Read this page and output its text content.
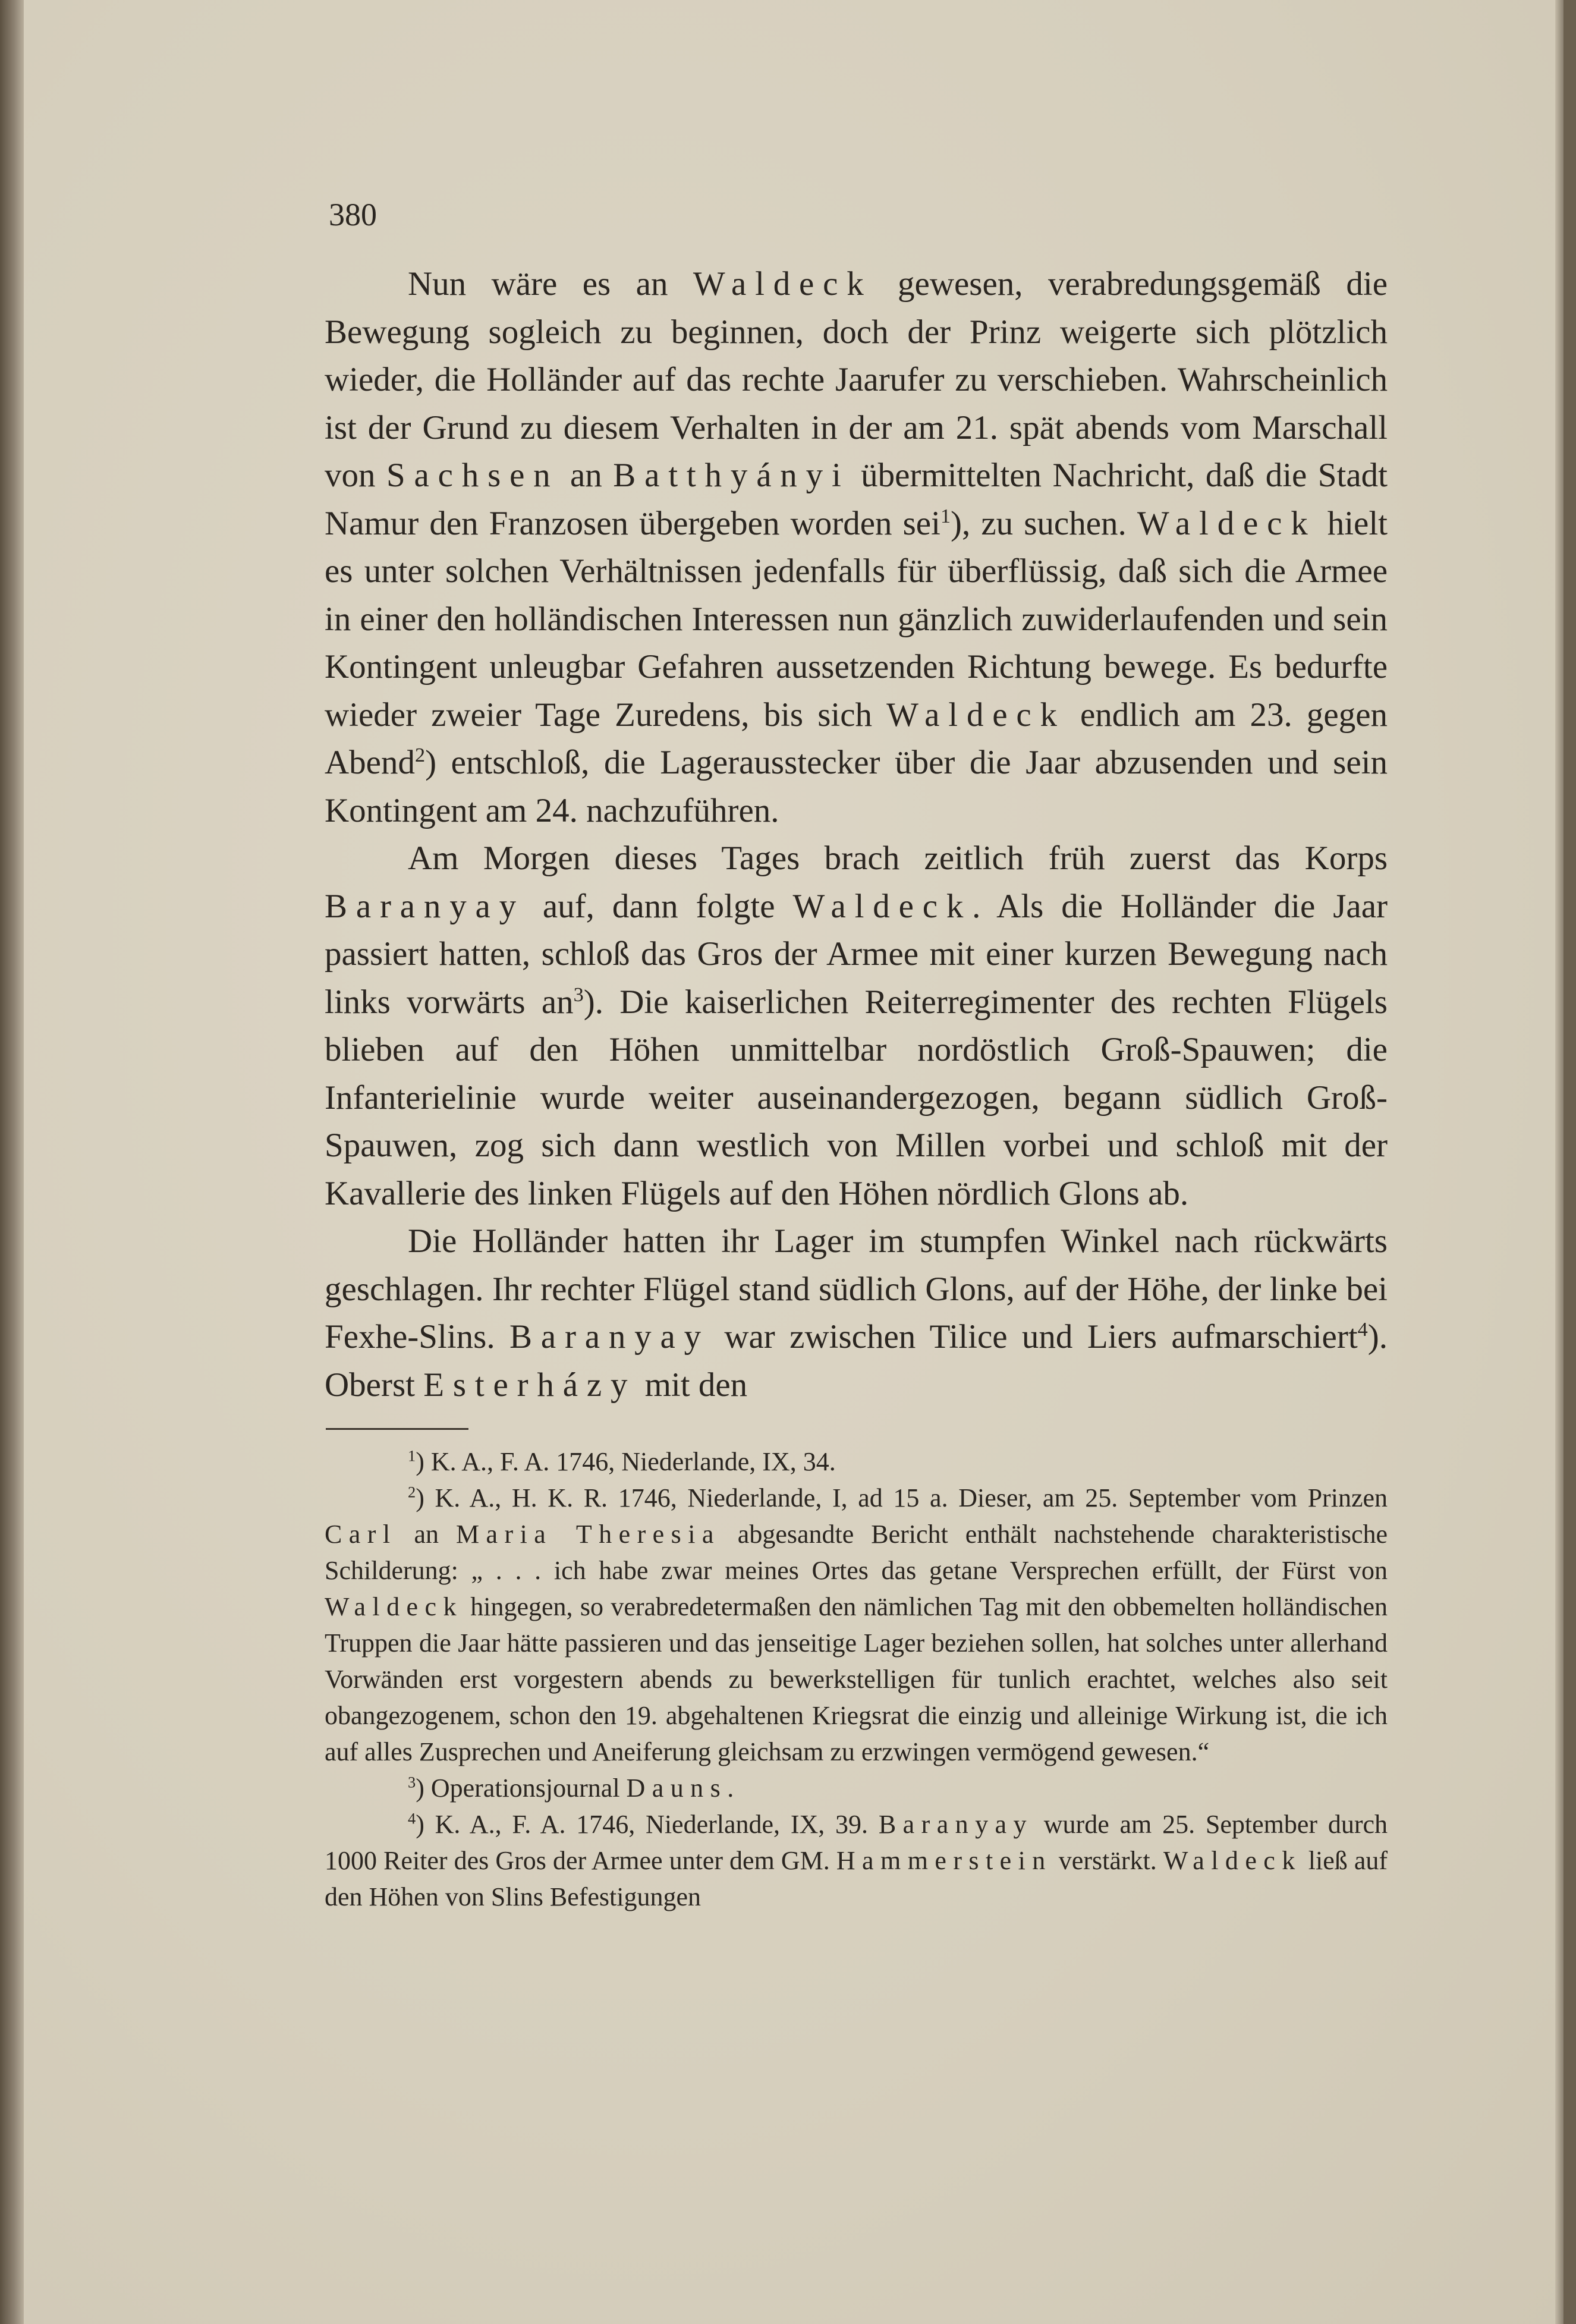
380

Nun wäre es an Waldeck gewesen, verabredungsgemäß die Bewegung sogleich zu beginnen, doch der Prinz weigerte sich plötzlich wieder, die Holländer auf das rechte Jaarufer zu verschieben. Wahrscheinlich ist der Grund zu diesem Verhalten in der am 21. spät abends vom Marschall von Sachsen an Batthyányi übermittelten Nachricht, daß die Stadt Namur den Franzosen übergeben worden sei$^1$), zu suchen. Waldeck hielt es unter solchen Verhältnissen jedenfalls für überflüssig, daß sich die Armee in einer den holländischen Interessen nun gänzlich zuwiderlaufenden und sein Kontingent unleugbar Gefahren aussetzenden Richtung bewege. Es bedurfte wieder zweier Tage Zuredens, bis sich Waldeck endlich am 23. gegen Abend$^2$) entschloß, die Lagerausstecker über die Jaar abzusenden und sein Kontingent am 24. nachzuführen.

Am Morgen dieses Tages brach zeitlich früh zuerst das Korps Baranyay auf, dann folgte Waldeck. Als die Holländer die Jaar passiert hatten, schloß das Gros der Armee mit einer kurzen Bewegung nach links vorwärts $an^3$). Die kaiserlichen Reiterregimenter des rechten Flügels blieben auf den Höhen unmittelbar nordöstlich Groß-Spauwen; die Infanterielinie wurde weiter auseinandergezogen, begann südlich Groß-Spauwen, zog sich dann westlich von Millen vorbei und schloß mit der Kavallerie des linken Flügels auf den Höhen nördlich Glons ab.

Die Holländer hatten ihr Lager im stumpfen Winkel nach rückwärts geschlagen. Ihr rechter Flügel stand südlich Glons, auf der Höhe, der linke bei Fexhe-Slins. Baranyay war zwischen Tilice und Liers aufmarschiert$^4$). Oberst Esterházy mit den

$^1$) K. A., F. A. 1746, Niederlande, IX, 34.

$^2$) K. A., H. K. R. 1746, Niederlande, I, ad 15 a. Dieser, am 25. September vom Prinzen Carl an Maria Theresia abgesandte Bericht enthält nachstehende charakteristische Schilderung: „ . . . ich habe zwar meines Ortes das getane Versprechen erfüllt, der Fürst von Waldeck hingegen, so verabredetermaßen den nämlichen Tag mit den obbemelten holländischen Truppen die Jaar hätte passieren und das jenseitige Lager beziehen sollen, hat solches unter allerhand Vorwänden erst vorgestern abends zu bewerkstelligen für tunlich erachtet, welches also seit obangezogenem, schon den 19. abgehaltenen Kriegsrat die einzig und alleinige Wirkung ist, die ich auf alles Zusprechen und Aneiferung gleichsam zu erzwingen vermögend gewesen.“

$^3$) Operationsjournal Dauns.

$^4$) K. A., F. A. 1746, Niederlande, IX, 39. Baranyay wurde am 25. September durch 1000 Reiter des Gros der Armee unter dem GM. Hammerstein verstärkt. Waldeck ließ auf den Höhen von Slins Befestigungen
